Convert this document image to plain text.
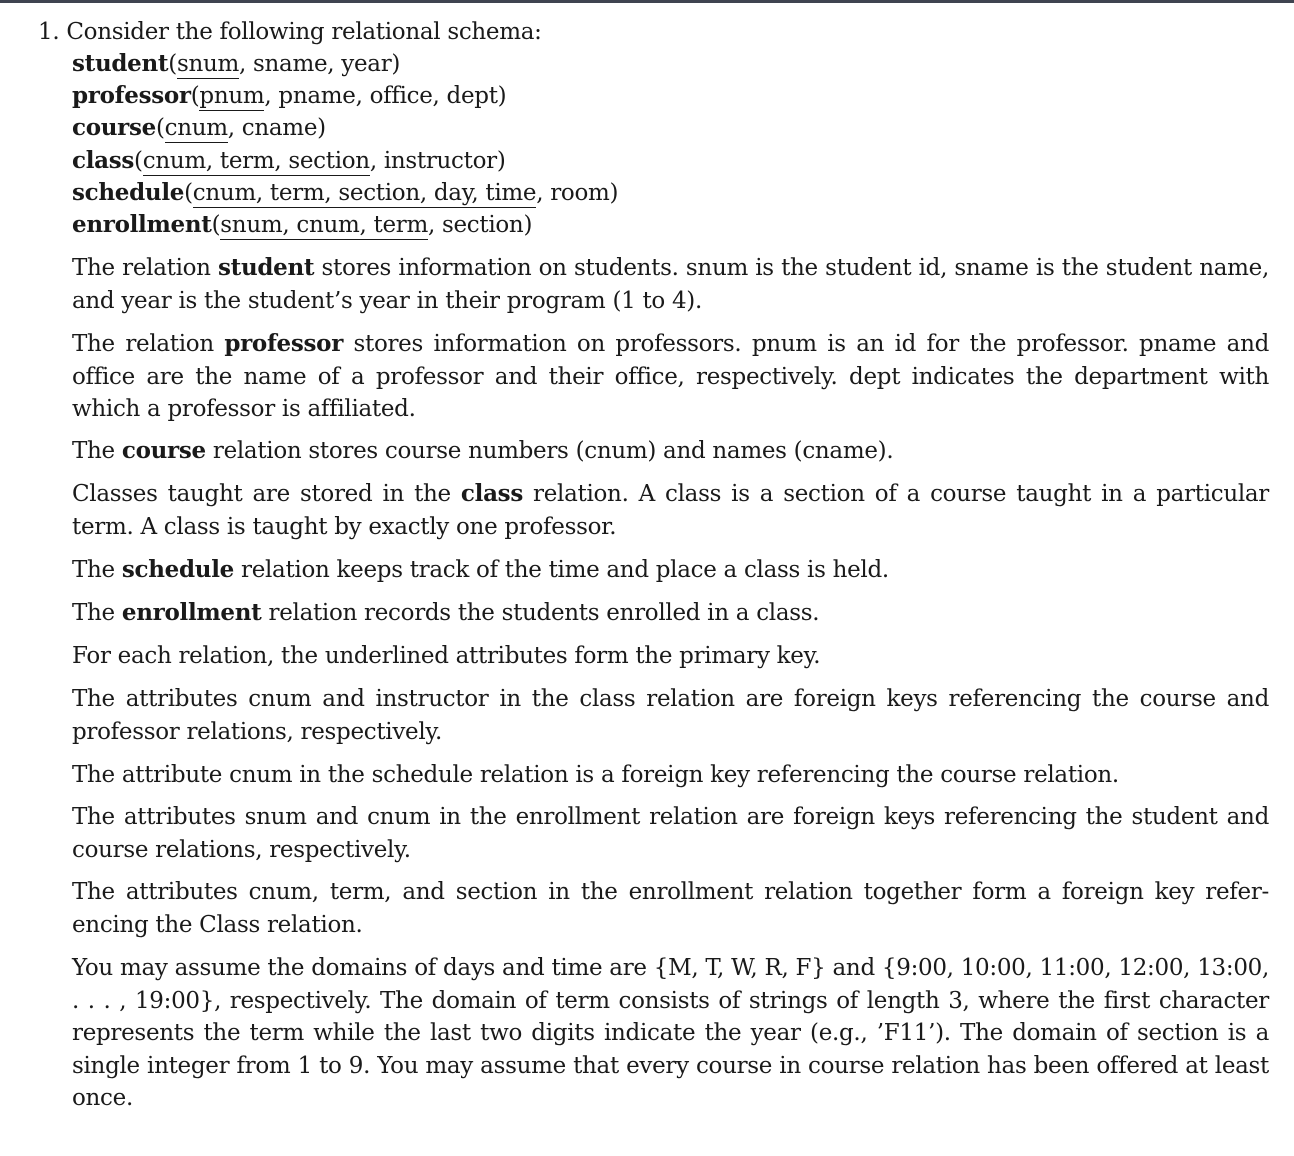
1. Consider the following relational schema:
student(snum, sname, year)
professor(pnum, pname, office, dept)
course(cnum, cname)
class(cnum, term, section, instructor)
schedule(cnum, term, section, day, time, room)
enrollment(snum, cnum, term, section)
The relation student stores information on students. snum is the student id, sname is the student name, and year is the student’s year in their program (1 to 4).
The relation professor stores information on professors. pnum is an id for the professor. pname and office are the name of a professor and their office, respectively. dept indicates the department with which a professor is affiliated.
The course relation stores course numbers (cnum) and names (cname).
Classes taught are stored in the class relation. A class is a section of a course taught in a particular term. A class is taught by exactly one professor.
The schedule relation keeps track of the time and place a class is held.
The enrollment relation records the students enrolled in a class.
For each relation, the underlined attributes form the primary key.
The attributes cnum and instructor in the class relation are foreign keys referencing the course and professor relations, respectively.
The attribute cnum in the schedule relation is a foreign key referencing the course relation.
The attributes snum and cnum in the enrollment relation are foreign keys referencing the student and course relations, respectively.
The attributes cnum, term, and section in the enrollment relation together form a foreign key refer-encing the Class relation.
You may assume the domains of days and time are {M, T, W, R, F} and {9:00, 10:00, 11:00, 12:00, 13:00, . . . , 19:00}, respectively. The domain of term consists of strings of length 3, where the first character represents the term while the last two digits indicate the year (e.g., ’F11’). The domain of section is a single integer from 1 to 9. You may assume that every course in course relation has been offered at least once.
